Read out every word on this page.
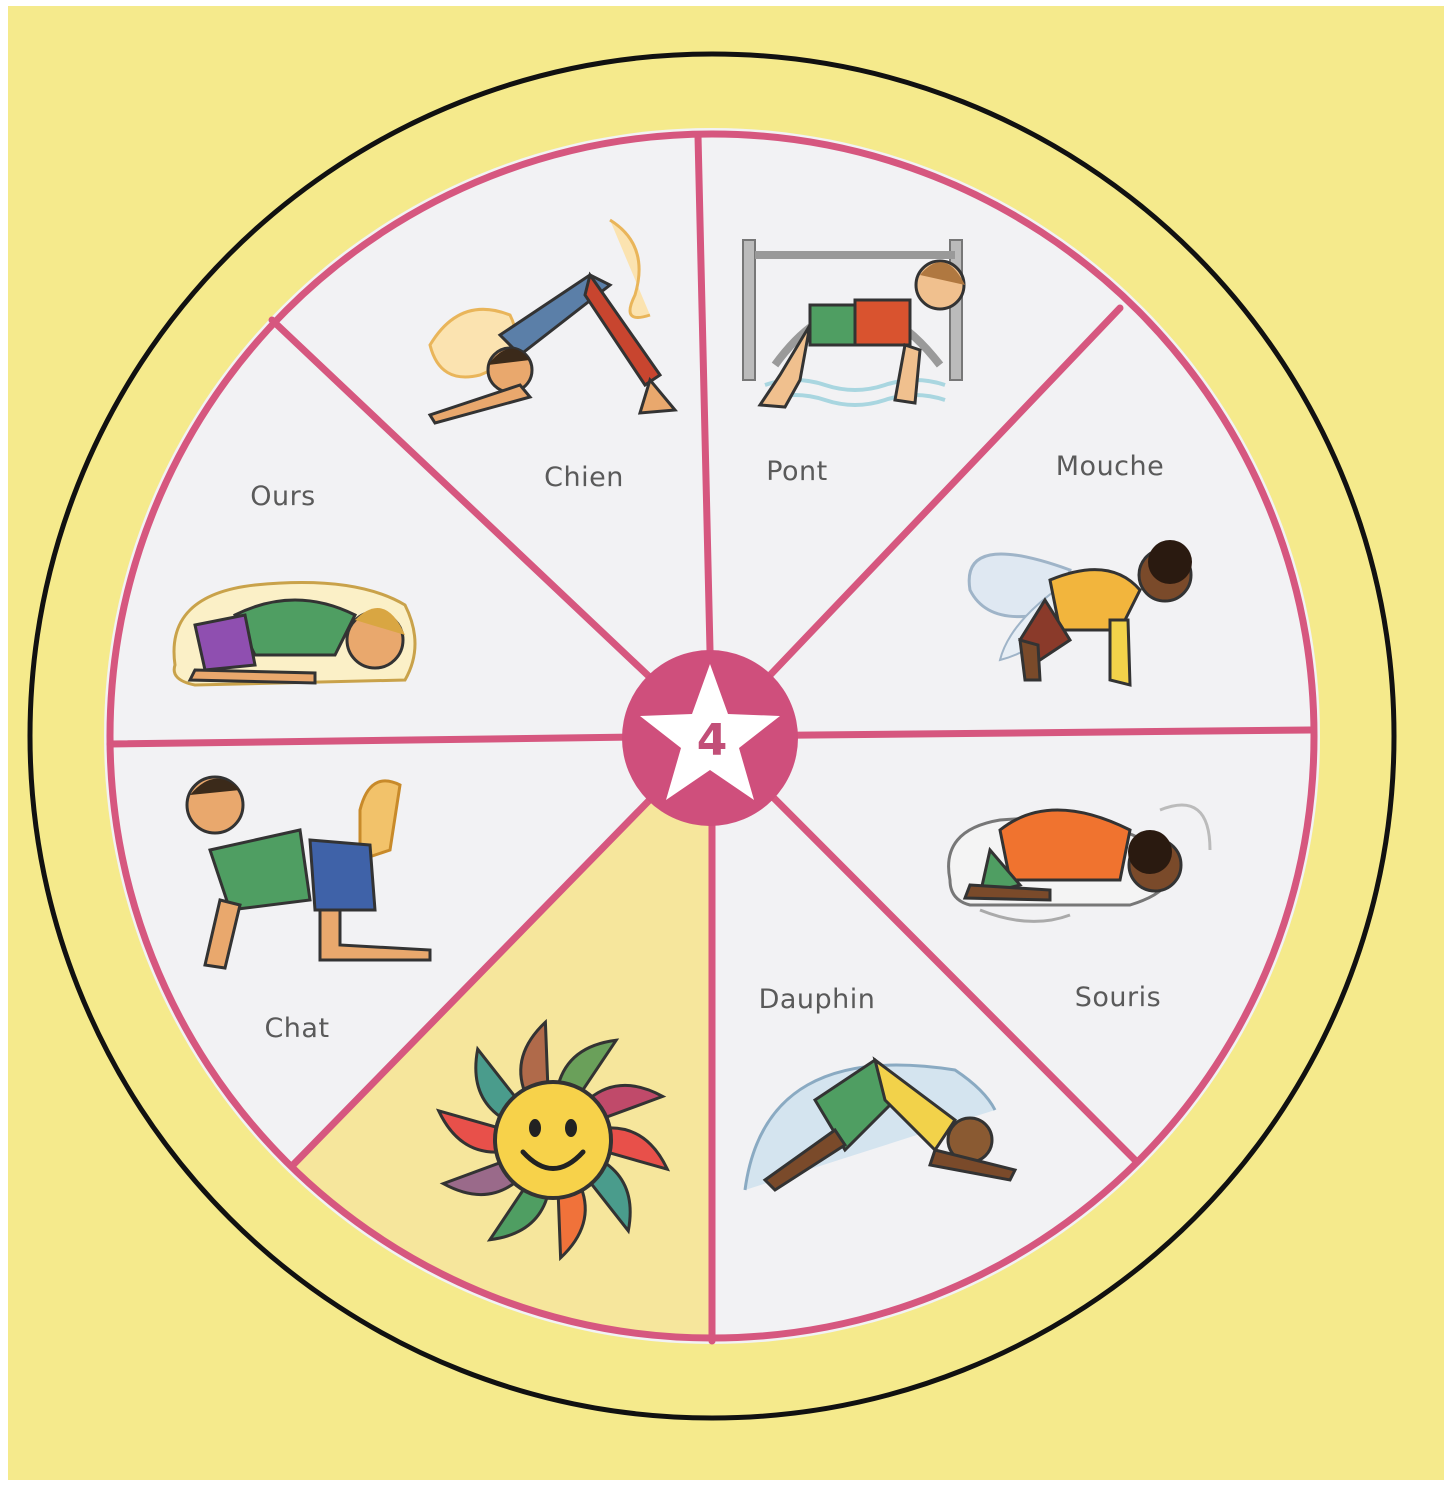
Chien	Pont	Mouche
Souris
Dauphin
Chat
Ours
4
